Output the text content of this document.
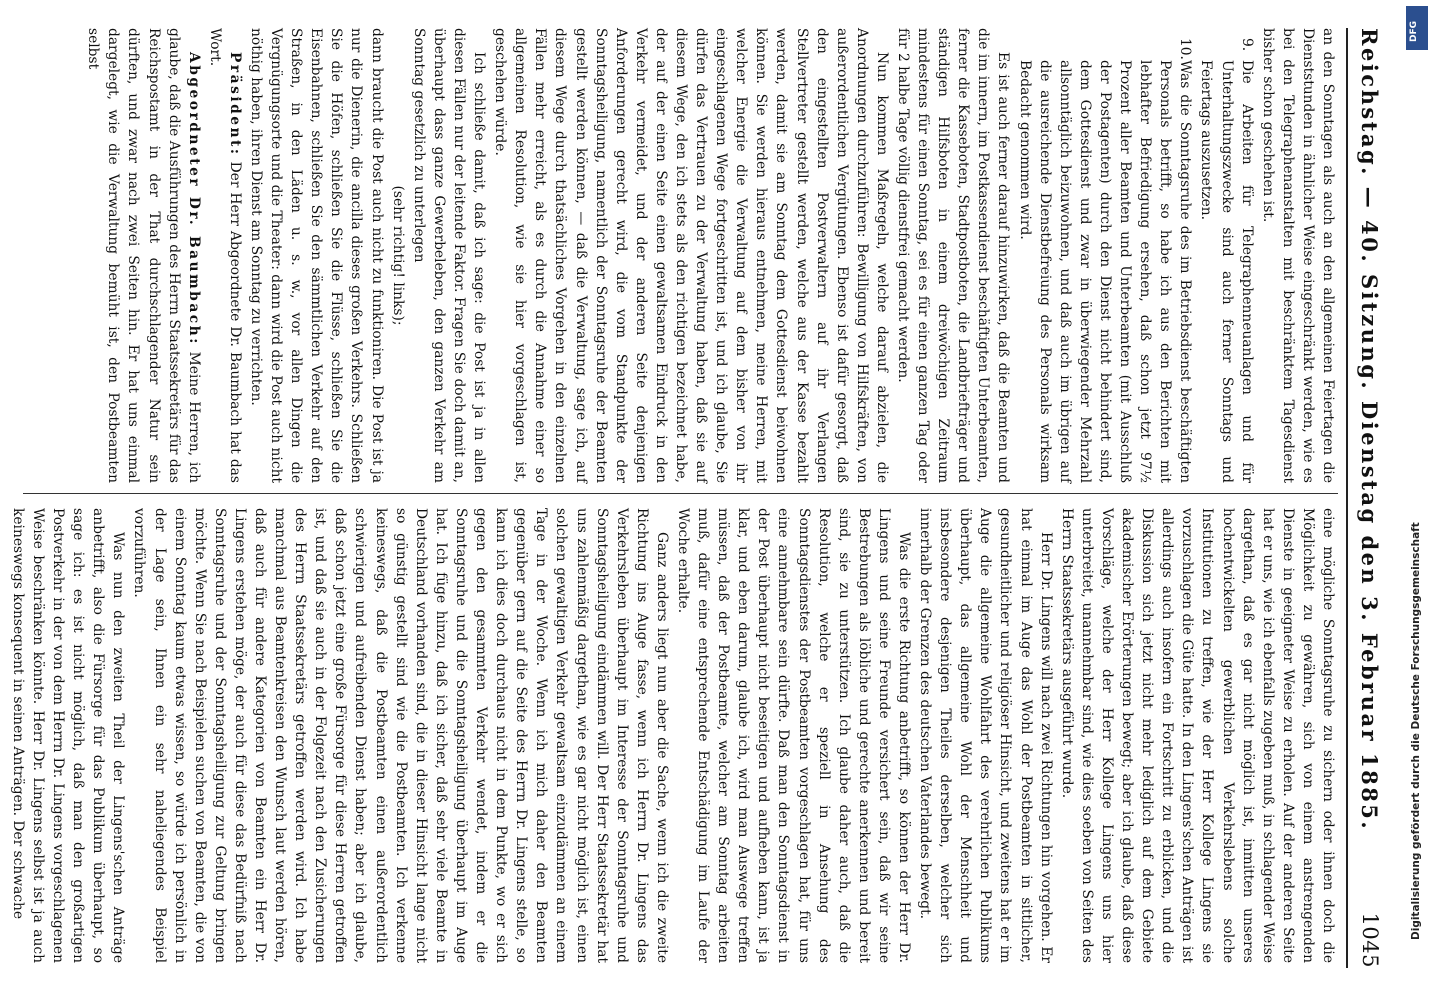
Reichstag. — 40. Sitzung. Dienstag den 3. Februar 1885.
1045

an den Sonntagen als auch an den allgemeinen Feiertagen die Dienststunden in ähnlicher Weise eingeschränkt werden, wie es bei den Telegraphenanstalten mit beschränktem Tagesdienst bisher schon geschehen ist.

9.Die Arbeiten für Telegraphenneuanlagen und für Unterhaltungszwecke sind auch ferner Sonntags und Feiertags auszusetzen.

10.Was die Sonntagsruhe des im Betriebsdienst beschäftigten Personals betrifft, so habe ich aus den Berichten mit lebhafter Befriedigung ersehen, daß schon jetzt 97½ Prozent aller Beamten und Unterbeamten (mit Ausschluß der Postagenten) durch den Dienst nicht behindert sind, dem Gottesdienst und zwar in überwiegender Mehrzahl allsonntäglich beizuwohnen, und daß auch im übrigen auf die ausreichende Dienstbefreiung des Personals wirksam Bedacht genommen wird.

Es ist auch ferner darauf hinzuwirken, daß die Beamten und die im innern, im Postkassendienst beschäftigten Unterbeamten, ferner die Kasseboten, Stadtpostboten, die Landbriefträger und ständigen Hilfsboten in einem dreiwöchigen Zeitraum mindestens für einen Sonntag, sei es für einen ganzen Tag oder für 2 halbe Tage völlig dienstfrei gemacht werden.

Nun kommen Maßregeln, welche darauf abzielen, die Anordnungen durchzuführen: Bewilligung von Hilfskräften, von außerordentlichen Vergütungen. Ebenso ist dafür gesorgt, daß den eingestellten Postverwaltern auf ihr Verlangen Stellvertreter gestellt werden, welche aus der Kasse bezahlt werden, damit sie am Sonntag dem Gottesdienst beiwohnen können. Sie werden hieraus entnehmen, meine Herren, mit welcher Energie die Verwaltung auf dem bisher von ihr eingeschlagenen Wege fortgeschritten ist, und ich glaube, Sie dürfen das Vertrauen zu der Verwaltung haben, daß sie auf diesem Wege, den ich stets als den richtigen bezeichnet habe, der auf der einen Seite einen gewaltsamen Eindruck in den Verkehr vermeidet, und der anderen Seite denjenigen Anforderungen gerecht wird, die vom Standpunkte der Sonntagsheiligung, namentlich der Sonntagsruhe der Beamten gestellt werden können, — daß die Verwaltung, sage ich, auf diesem Wege durch thatsächliches Vorgehen in den einzelnen Fällen mehr erreicht, als es durch die Annahme einer so allgemeinen Resolution, wie sie hier vorgeschlagen ist, geschehen würde.

Ich schließe damit, daß ich sage: die Post ist ja in allen diesen Fällen nur der leitende Faktor. Fragen Sie doch damit an, überhaupt dass ganze Gewerbeleben, den ganzen Verkehr am Sonntag gesetzlich zu unterlegen

(sehr richtig! links);

dann braucht die Post auch nicht zu funktioniren. Die Post ist ja nur die Dienerin, die ancilla dieses großen Verkehrs. Schließen Sie die Höfen, schließen Sie die Flüsse, schließen Sie die Eisenbahnen, schließen Sie den sämmtlichen Verkehr auf den Straßen, in den Läden u. s. w., vor allen Dingen die Vergnügungsorte und die Theater: dann wird die Post auch nicht nöthig haben, ihren Dienst am Sonntag zu verrichten.

Präsident: Der Herr Abgeordnete Dr. Baumbach hat das Wort.

Abgeordneter Dr. Baumbach: Meine Herren, ich glaube, daß die Ausführungen des Herrn Staatssekretärs für das Reichspostamt in der That durchschlagender Natur sein dürften, und zwar nach zwei Seiten hin. Er hat uns einmal dargelegt, wie die Verwaltung bemüht ist, den Postbeamten selbst

eine mögliche Sonntagsruhe zu sichern oder ihnen doch die Möglichkeit zu gewähren, sich von einem anstrengenden Dienste in geeigneter Weise zu erholen. Auf der anderen Seite hat er uns, wie ich ebenfalls zugeben muß, in schlagender Weise dargethan, daß es gar nicht möglich ist, inmitten unseres hochentwickelten gewerblichen Verkehrslebens solche Institutionen zu treffen, wie der Herr Kollege Lingens sie vorzuschlagen die Güte hatte. In den Lingens'schen Anträgen ist allerdings auch insofern ein Fortschritt zu erblicken, und die Diskussion sich jetzt nicht mehr lediglich auf dem Gebiete akademischer Erörterungen bewegt; aber ich glaube, daß diese Vorschläge, welche der Herr Kollege Lingens uns hier unterbreitet, unannehmbar sind, wie dies soeben von Seiten des Herrn Staatssekretärs ausgeführt wurde.

Herr Dr. Lingens will nach zwei Richtungen hin vorgehen. Er hat einmal im Auge das Wohl der Postbeamten in sittlicher, gesundheitlicher und religiöser Hinsicht, und zweitens hat er im Auge die allgemeine Wohlfahrt des verehrlichen Publikums überhaupt, das allgemeine Wohl der Menschheit und insbesondere desjenigen Theiles derselben, welcher sich innerhalb der Grenzen des deutschen Vaterlandes bewegt.

Was die erste Richtung anbetrifft, so können der Herr Dr. Lingens und seine Freunde versichert sein, daß wir seine Bestrebungen als löbliche und gerechte anerkennen und bereit sind, sie zu unterstützen. Ich glaube daher auch, daß die Resolution, welche er speziell in Ansehung des Sonntagsdienstes der Postbeamten vorgeschlagen hat, für uns eine annehmbare sein dürfte. Daß man den Sonntagsdienst in der Post überhaupt nicht beseitigen und aufheben kann, ist ja klar, und eben darum, glaube ich, wird man Auswege treffen müssen, daß der Postbeamte, welcher am Sonntag arbeiten muß, dafür eine entsprechende Entschädigung im Laufe der Woche erhalte.

Ganz anders liegt nun aber die Sache, wenn ich die zweite Richtung ins Auge fasse, wenn ich Herrn Dr. Lingens das Verkehrsleben überhaupt im Interesse der Sonntagsruhe und Sonntagsheiligung eindämmen will. Der Herr Staatssekretär hat uns zahlenmäßig dargethan, wie es gar nicht möglich ist, einen solchen gewaltigen Verkehr gewaltsam einzudämmen an einem Tage in der Woche. Wenn ich mich daher den Beamten gegenüber gern auf die Seite des Herrn Dr. Lingens stelle, so kann ich dies doch durchaus nicht in dem Punkte, wo er sich gegen den gesammten Verkehr wendet, indem er die Sonntagsruhe und die Sonntagsheiligung überhaupt im Auge hat. Ich füge hinzu, daß ich sicher, daß sehr viele Beamte in Deutschland vorhanden sind, die in dieser Hinsicht lange nicht so günstig gestellt sind wie die Postbeamten. Ich verkenne keineswegs, daß die Postbeamten einen außerordentlich schwierigen und aufreibenden Dienst haben; aber ich glaube, daß schon jetzt eine große Fürsorge für diese Herren getroffen ist, und daß sie auch in der Folgezeit nach den Zusicherungen des Herrn Staatssekretärs getroffen werden wird. Ich habe manchmal aus Beamtenkreisen den Wunsch laut werden hören, daß auch für andere Kategorien von Beamten ein Herr Dr. Lingens erstehen möge, der auch für diese das Bedürfniß nach Sonntagsruhe und der Sonntagsheiligung zur Geltung bringen möchte. Wenn Sie nach Beispielen suchen von Beamten, die von einem Sonntag kaum etwas wissen, so würde ich persönlich in der Lage sein, Ihnen ein sehr naheliegendes Beispiel vorzuführen.

Was nun den zweiten Theil der Lingens'schen Anträge anbetrifft, also die Fürsorge für das Publikum überhaupt, so sage ich: es ist nicht möglich, daß man den großartigen Postverkehr in der von dem Herrn Dr. Lingens vorgeschlagenen Weise beschränken könnte. Herr Dr. Lingens selbst ist ja auch keineswegs konsequent in seinen Anträgen. Der schwache

DFG
Digitalisierung gefördert durch die Deutsche Forschungsgemeinschaft
